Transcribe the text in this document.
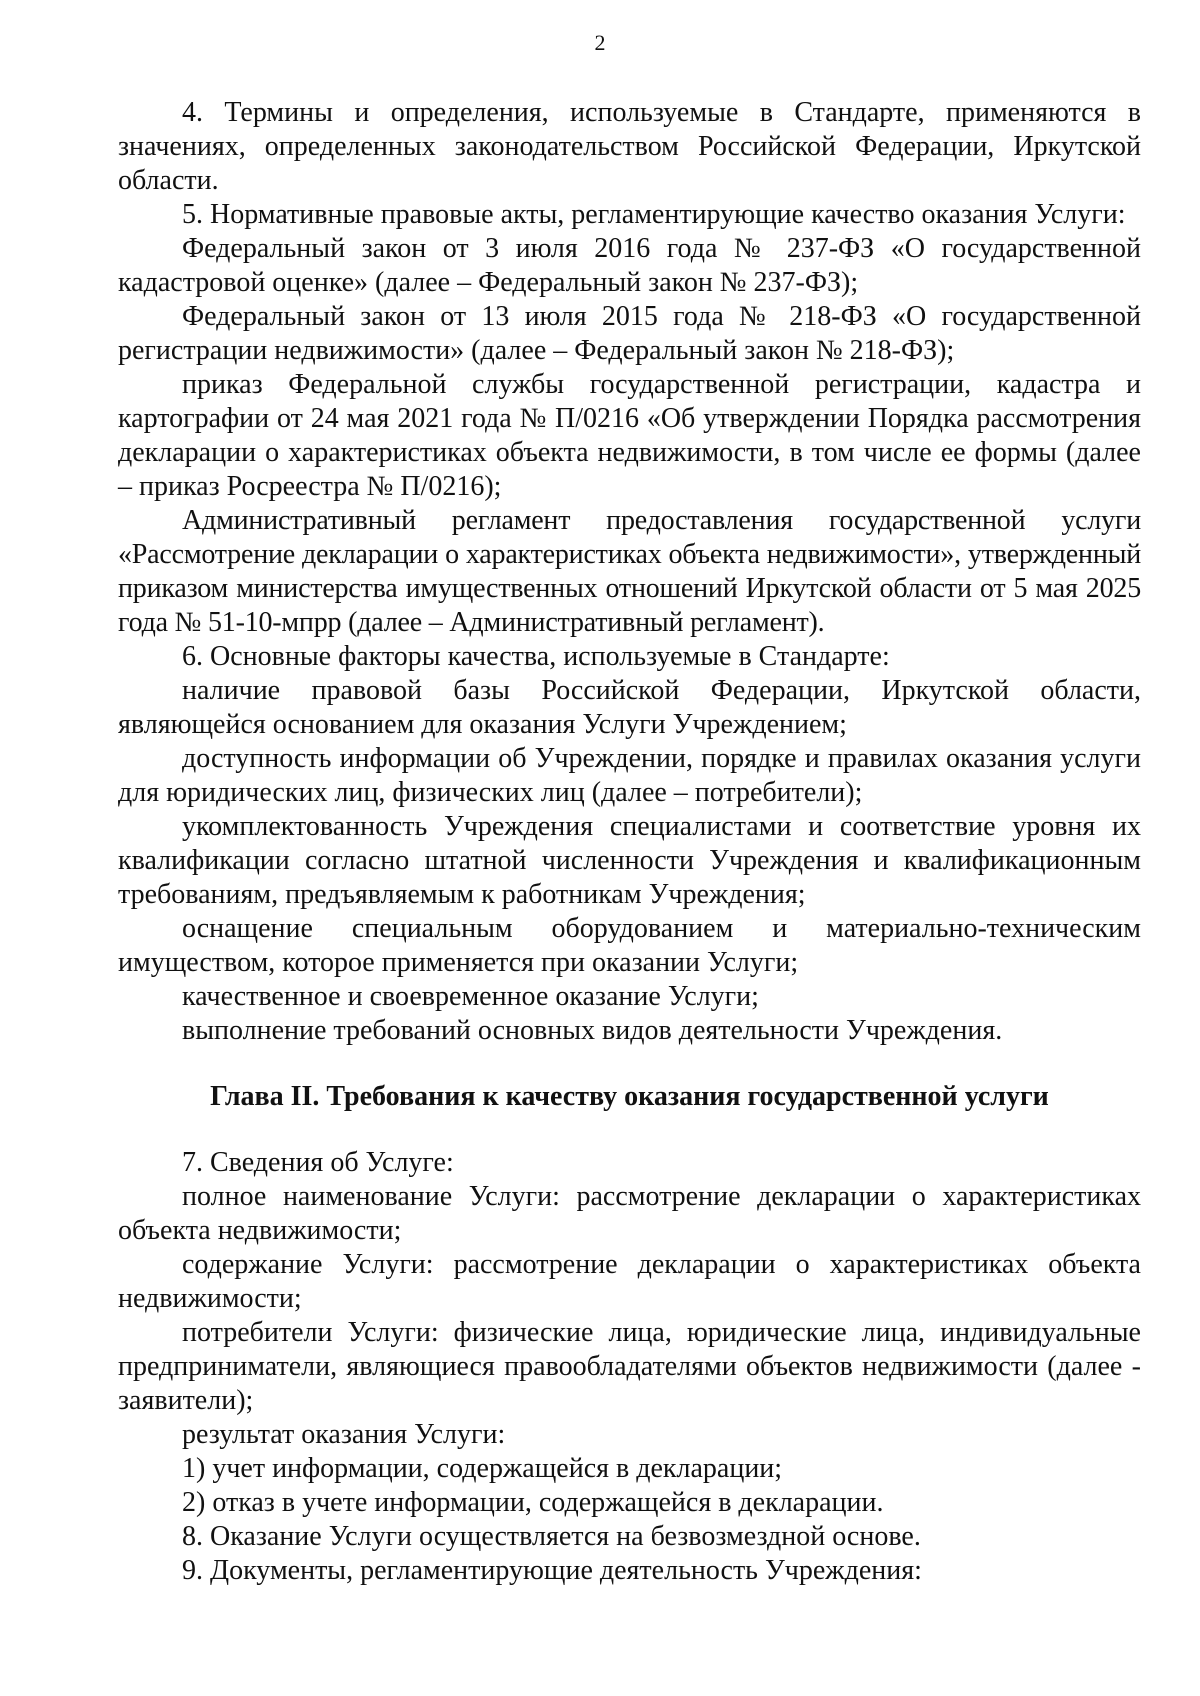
2

4. Термины и определения, используемые в Стандарте, применяются в значениях, определенных законодательством Российской Федерации, Иркутской области.

5. Нормативные правовые акты, регламентирующие качество оказания Услуги:

Федеральный закон от 3 июля 2016 года № 237-ФЗ «О государственной кадастровой оценке» (далее – Федеральный закон № 237-ФЗ);

Федеральный закон от 13 июля 2015 года № 218-ФЗ «О государственной регистрации недвижимости» (далее – Федеральный закон № 218-ФЗ);

приказ Федеральной службы государственной регистрации, кадастра и картографии от 24 мая 2021 года № П/0216 «Об утверждении Порядка рассмотрения декларации о характеристиках объекта недвижимости, в том числе ее формы (далее – приказ Росреестра № П/0216);

Административный регламент предоставления государственной услуги «Рассмотрение декларации о характеристиках объекта недвижимости», утвержденный приказом министерства имущественных отношений Иркутской области от 5 мая 2025 года № 51-10-мпрр (далее – Административный регламент).

6. Основные факторы качества, используемые в Стандарте:

наличие правовой базы Российской Федерации, Иркутской области, являющейся основанием для оказания Услуги Учреждением;

доступность информации об Учреждении, порядке и правилах оказания услуги для юридических лиц, физических лиц (далее – потребители);

укомплектованность Учреждения специалистами и соответствие уровня их квалификации согласно штатной численности Учреждения и квалификационным требованиям, предъявляемым к работникам Учреждения;

оснащение специальным оборудованием и материально-техническим имуществом, которое применяется при оказании Услуги;

качественное и своевременное оказание Услуги;

выполнение требований основных видов деятельности Учреждения.

Глава II. Требования к качеству оказания государственной услуги

7. Сведения об Услуге:

полное наименование Услуги: рассмотрение декларации о характеристиках объекта недвижимости;

содержание Услуги: рассмотрение декларации о характеристиках объекта недвижимости;

потребители Услуги: физические лица, юридические лица, индивидуальные предприниматели, являющиеся правообладателями объектов недвижимости (далее - заявители);

результат оказания Услуги:

1) учет информации, содержащейся в декларации;

2) отказ в учете информации, содержащейся в декларации.

8. Оказание Услуги осуществляется на безвозмездной основе.

9. Документы, регламентирующие деятельность Учреждения:
